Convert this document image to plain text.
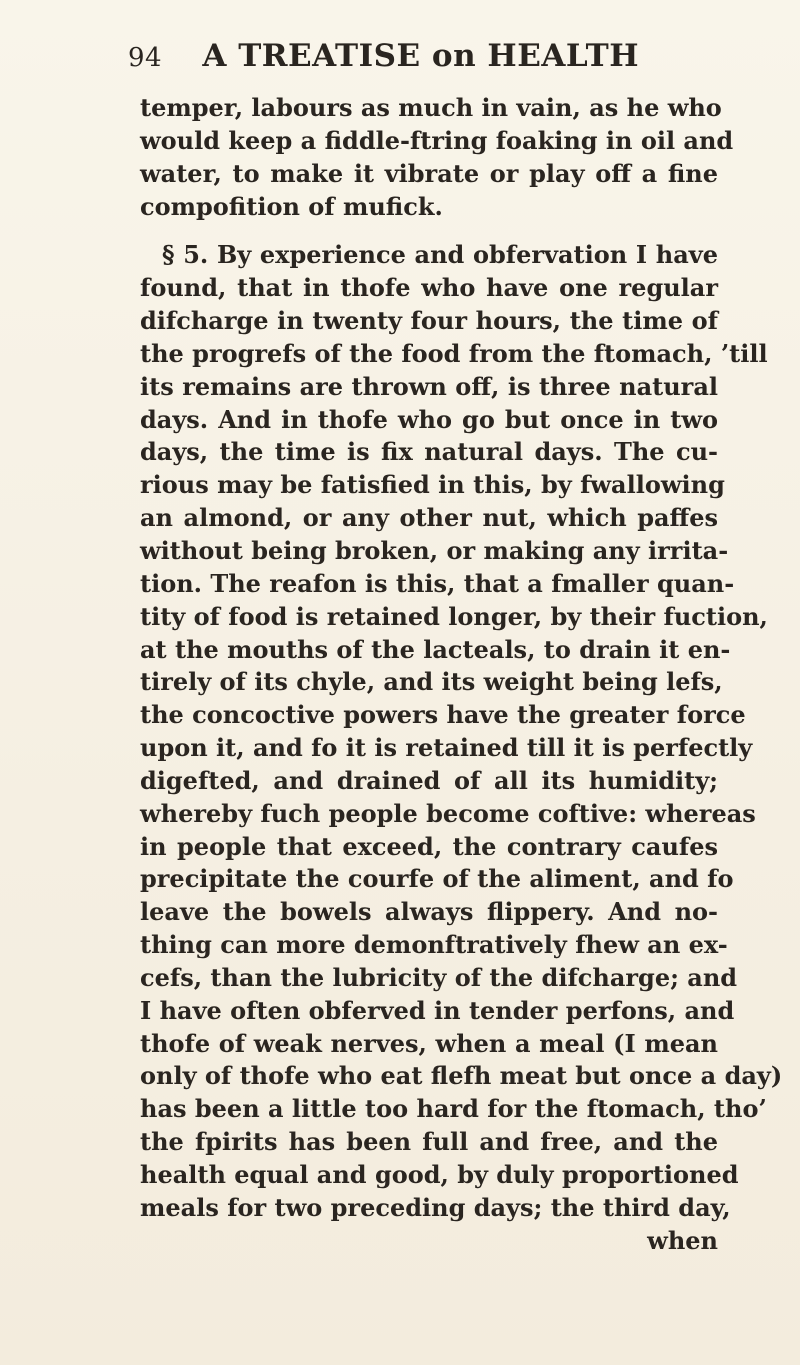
94 A TREATISE on HEALTH
temper, labours as much in vain, as he who
would keep a fiddle-ftring foaking in oil and
water, to make it vibrate or play off a fine
compofition of mufick.
§ 5. By experience and obfervation I have
found, that in thofe who have one regular
difcharge in twenty four hours, the time of
the progrefs of the food from the ftomach, ’till
its remains are thrown off, is three natural
days. And in thofe who go but once in two
days, the time is fix natural days. The cu-
rious may be fatisfied in this, by fwallowing
an almond, or any other nut, which paffes
without being broken, or making any irrita-
tion. The reafon is this, that a fmaller quan-
tity of food is retained longer, by their fuction,
at the mouths of the lacteals, to drain it en-
tirely of its chyle, and its weight being lefs,
the concoctive powers have the greater force
upon it, and fo it is retained till it is perfectly
digefted, and drained of all its humidity;
whereby fuch people become coftive: whereas
in people that exceed, the contrary caufes
precipitate the courfe of the aliment, and fo
leave the bowels always flippery. And no-
thing can more demonftratively fhew an ex-
cefs, than the lubricity of the difcharge; and
I have often obferved in tender perfons, and
thofe of weak nerves, when a meal (I mean
only of thofe who eat flefh meat but once a day)
has been a little too hard for the ftomach, tho’
the fpirits has been full and free, and the
health equal and good, by duly proportioned
meals for two preceding days; the third day,
when
